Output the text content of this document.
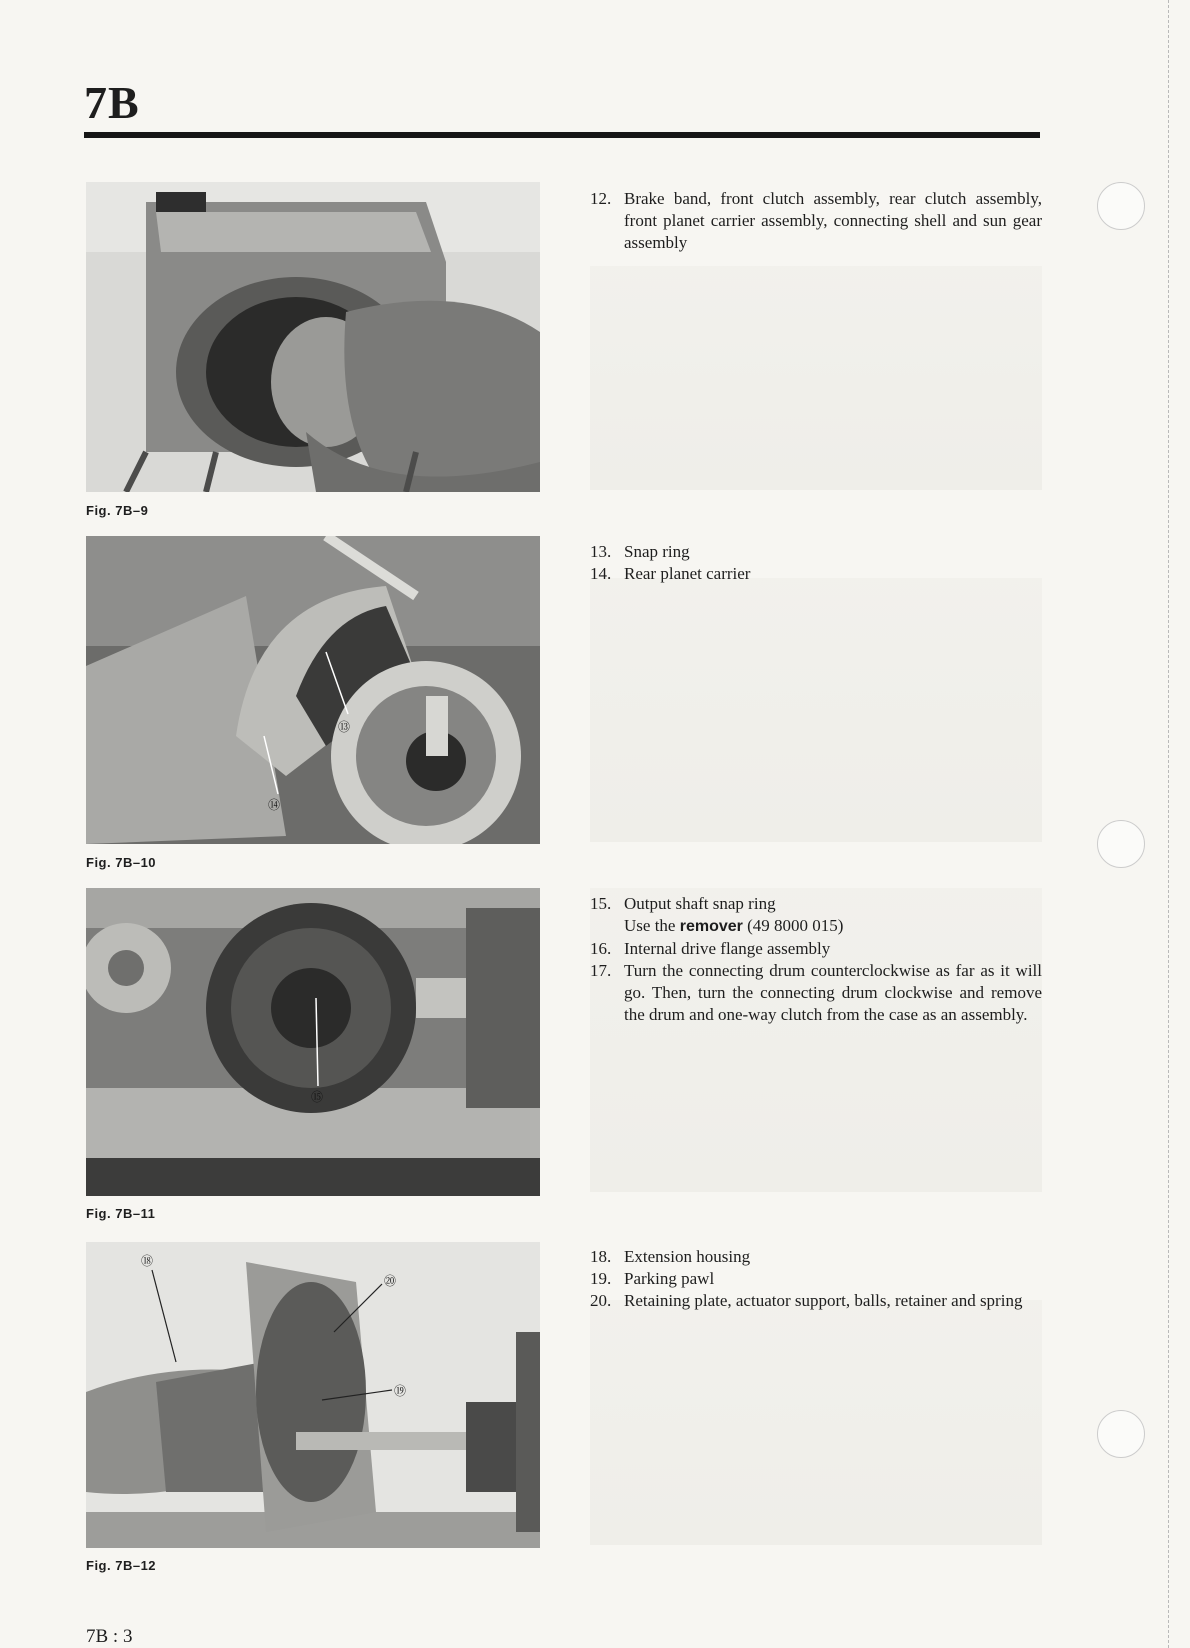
7B
Fig. 7B–9
⑬
⑭
Fig. 7B–10
⑮
Fig. 7B–11
⑱
⑳
⑲
Fig. 7B–12
12. Brake band, front clutch assembly, rear clutch assembly, front planet carrier assembly, connecting shell and sun gear assembly
13. Snap ring
14. Rear planet carrier
15. Output shaft snap ring
Use the remover (49 8000 015)
16. Internal drive flange assembly
17. Turn the connecting drum counterclockwise as far as it will go. Then, turn the connecting drum clockwise and remove the drum and one-way clutch from the case as an assembly.
18. Extension housing
19. Parking pawl
20. Retaining plate, actuator support, balls, retainer and spring
7B : 3
